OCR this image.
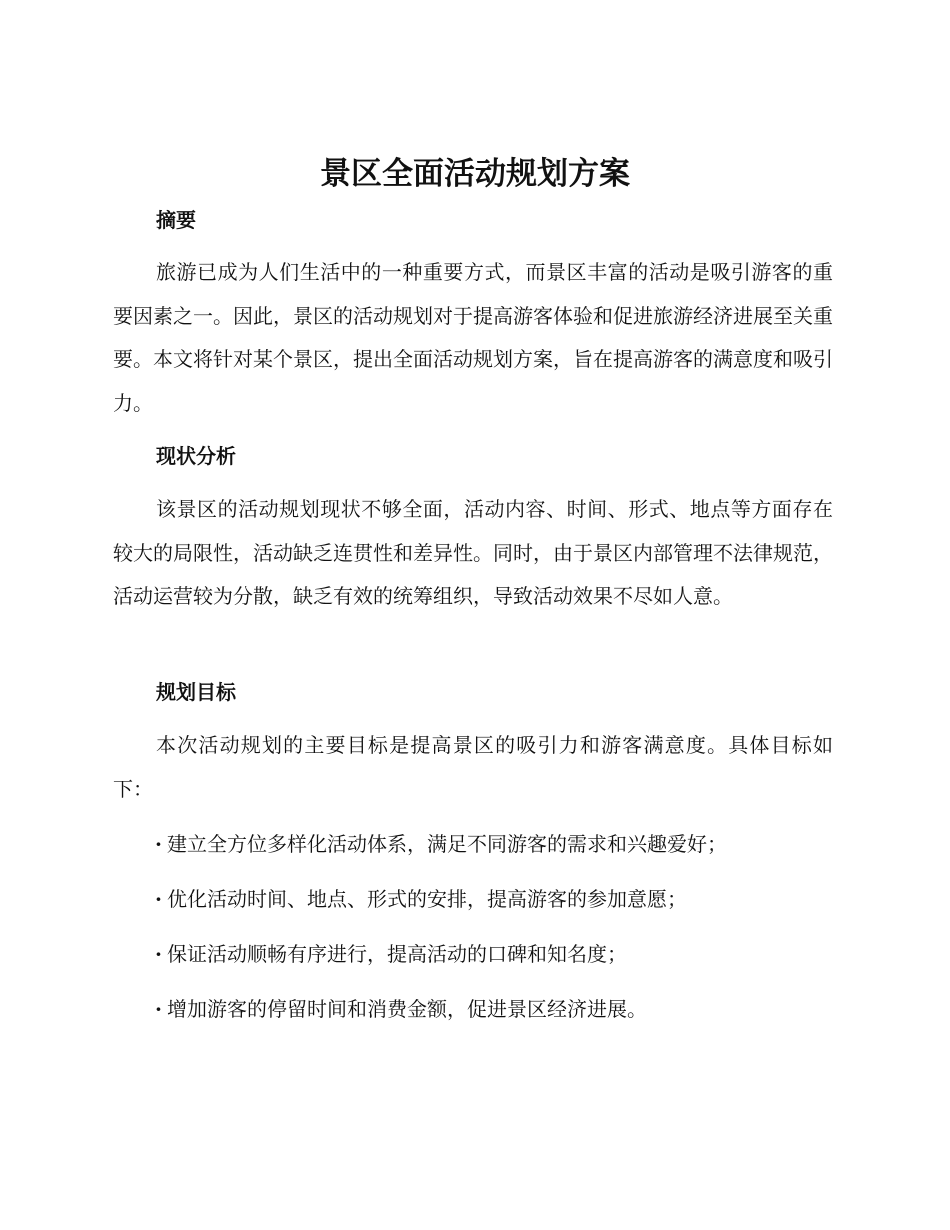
景区全面活动规划方案
摘要

旅游已成为人们生活中的一种重要方式，而景区丰富的活动是吸引游客的重要因素之一。因此，景区的活动规划对于提高游客体验和促进旅游经济进展至关重要。本文将针对某个景区，提出全面活动规划方案，旨在提高游客的满意度和吸引力。

现状分析

该景区的活动规划现状不够全面，活动内容、时间、形式、地点等方面存在较大的局限性，活动缺乏连贯性和差异性。同时，由于景区内部管理不法律规范，活动运营较为分散，缺乏有效的统筹组织，导致活动效果不尽如人意。

规划目标

本次活动规划的主要目标是提高景区的吸引力和游客满意度。具体目标如下：

· 建立全方位多样化活动体系，满足不同游客的需求和兴趣爱好；

· 优化活动时间、地点、形式的安排，提高游客的参加意愿；

· 保证活动顺畅有序进行，提高活动的口碑和知名度；

· 增加游客的停留时间和消费金额，促进景区经济进展。
